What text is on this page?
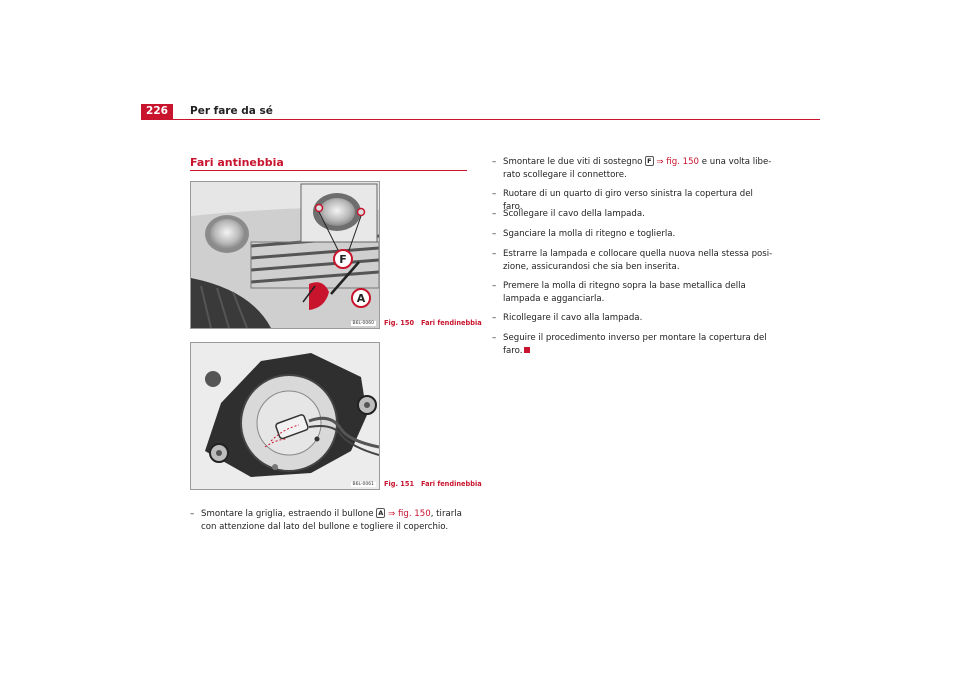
226	Per fare da sé
Fari antinebbia
F
A
B6L-0060	Fig. 150 Fari fendinebbia
B6L-0061	Fig. 151 Fari fendinebbia
– Smontare la griglia, estraendo il bullone A ⇒ fig. 150, tirarla
con attenzione dal lato del bullone e togliere il coperchio.
– Smontare le due viti di sostegno F ⇒ fig. 150 e una volta libe-
rato scollegare il connettore.
– Ruotare di un quarto di giro verso sinistra la copertura del faro.
– Scollegare il cavo della lampada.
– Sganciare la molla di ritegno e toglierla.
– Estrarre la lampada e collocare quella nuova nella stessa posi-
zione, assicurandosi che sia ben inserita.
– Premere la molla di ritegno sopra la base metallica della
lampada e agganciarla.
– Ricollegare il cavo alla lampada.
– Seguire il procedimento inverso per montare la copertura del
faro.
